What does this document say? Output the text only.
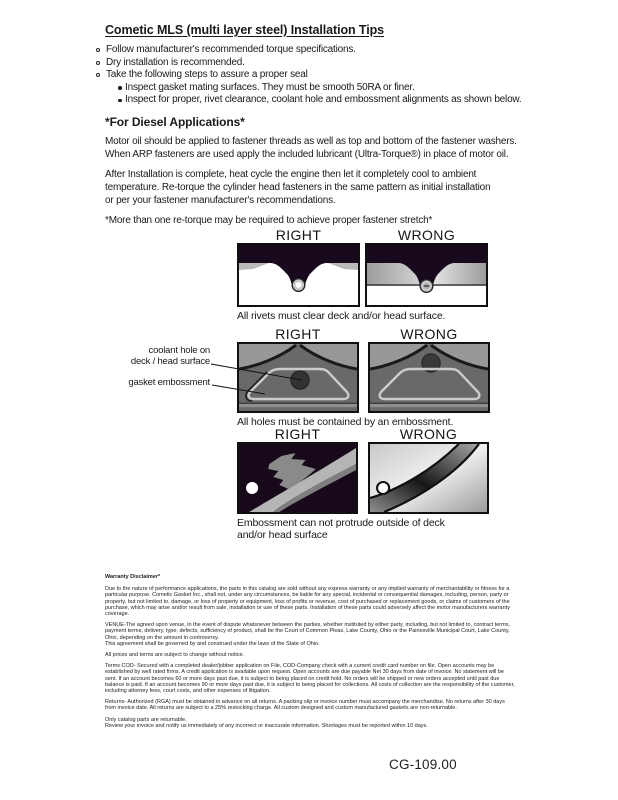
Cometic MLS (multi layer steel) Installation Tips
Follow manufacturer's recommended torque specifications.
Dry installation is recommended.
Take the following steps to assure a proper seal
Inspect gasket mating surfaces. They must be smooth 50RA or finer.
Inspect for proper, rivet clearance, coolant hole and embossment alignments as shown below.
*For Diesel Applications*
Motor oil should be applied to fastener threads as well as top and bottom of the fastener washers.
When ARP fasteners are used apply the included lubricant (Ultra-Torque®) in place of motor oil.
After Installation is complete, heat cycle the engine then let it completely cool to ambient
temperature. Re-torque the cylinder head fasteners in the same pattern as initial installation
or per your fastener manufacturer's recommendations.
*More than one re-torque may be required to achieve proper fastener stretch*
RIGHT	WRONG
All rivets must clear deck and/or head surface.
RIGHT	WRONG
All holes must be contained by an embossment.
coolant hole on
deck / head surface
gasket embossment
RIGHT	WRONG
Embossment can not protrude outside of deck and/or head surface
Warranty Disclaimer*
Due to the nature of performance applications, the parts in this catalog are sold without any express warranty or any implied warranty of merchantability or fitness for a particular purpose. Cometic Gasket Inc., shall not, under any circumstances, be liable for any special, incidental or consequential damages, including, person, party or property, but not limited to, damage, or loss of property or equipment, loss of profits or revenue, cost of purchased or replacement goods, or claims of customers of the purchase, which may arise and/or result from sale, installation or use of these parts. Installation of these parts could adversely affect the motor manufacturers warranty coverage.
VENUE-The agreed upon venue, in the event of dispute whatsoever between the parties, whether instituted by either party, including, but not limited to, contract terms, payment terms, delivery, type, defects, sufficiency of product, shall be the Court of Common Pleas, Lake County, Ohio or the Painesville Municipal Court, Lake County, Ohio, depending on the amount in controversy.
This agreement shall be governed by and construed under the laws of the State of Ohio.
All prices and terms are subject to change without notice.
Terms COD- Secured with a completed dealer/jobber application on File, COD-Company check with a current credit card number on file. Open accounts may be established by well rated firms. A credit application is available upon request. Open accounts are due payable Net 30 days from date of invoice. No statement will be sent. If an account becomes 60 or more days past due, it is subject to being placed on credit hold. No orders will be shipped or new orders accepted until past due balance is paid. If an account becomes 90 or more days past due, it is subject to being placed for collections. All costs of collection are the responsibility of the customer, including attorney fees, court costs, and other expenses of litigation.
Returns- Authorized (RGA) must be obtained in advance on all returns. A packing slip or invoice number must accompany the merchandise. No returns after 30 days from invoice date. All returns are subject to a 25% restocking charge. All custom designed and custom manufactured gaskets are non-returnable.
Only catalog parts are returnable.
Review your invoice and notify us immediately of any incorrect or inaccurate information. Shortages must be reported within 10 days.
CG-109.00
